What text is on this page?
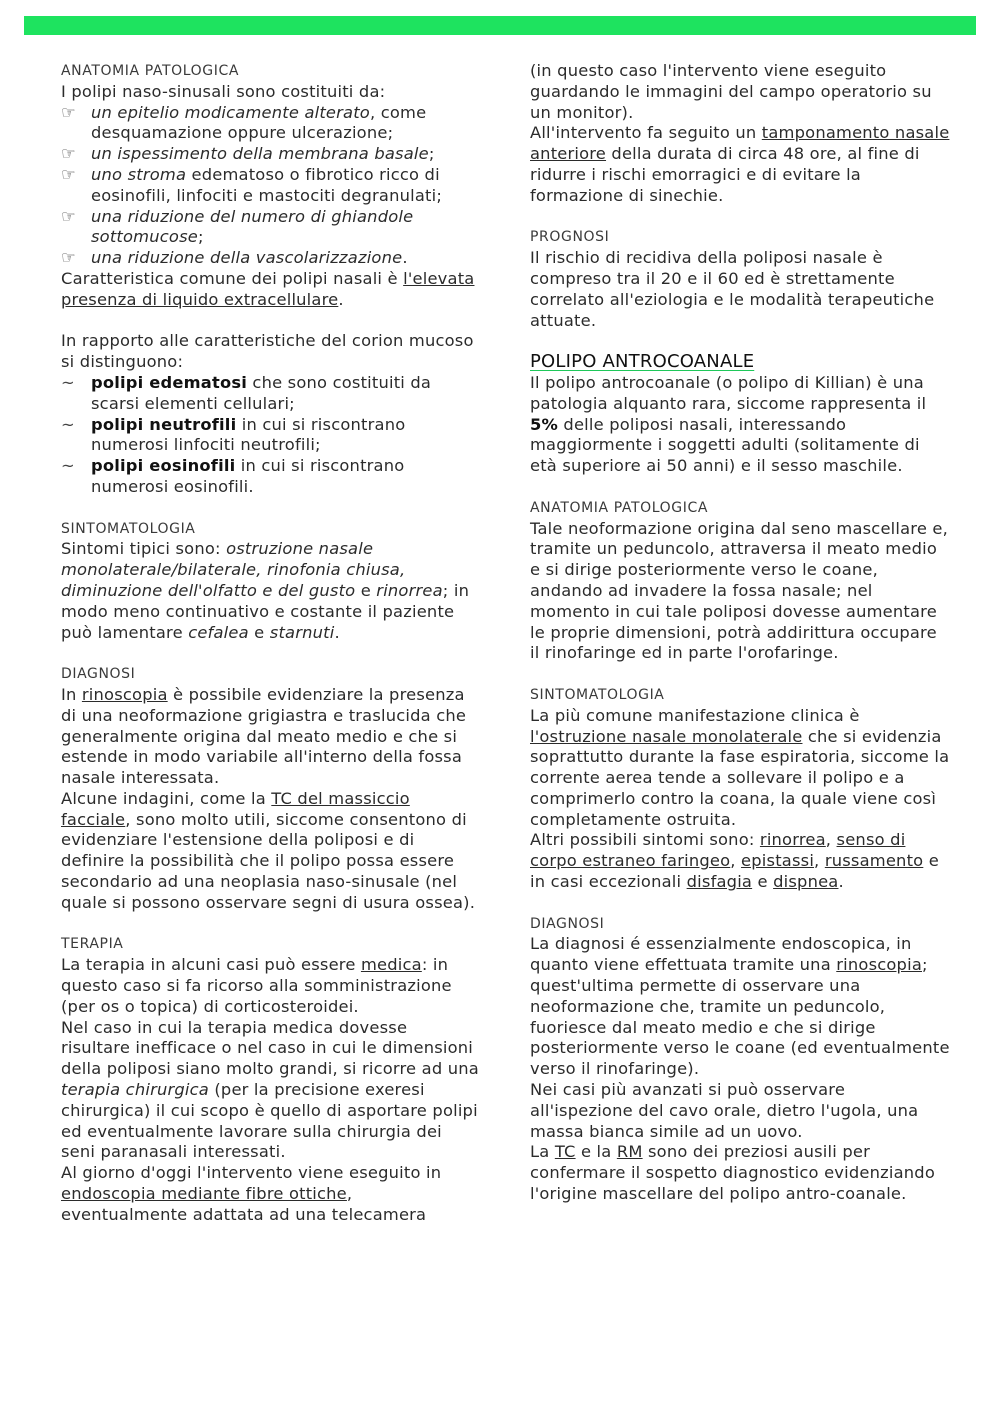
ANATOMIA PATOLOGICA

I polipi naso-sinusali sono costituiti da:

☞ un epitelio modicamente alterato, come desquamazione oppure ulcerazione;

☞ un ispessimento della membrana basale;

☞ uno stroma edematoso o fibrotico ricco di eosinofili, linfociti e mastociti degranulati;

☞ una riduzione del numero di ghiandole sottomucose;

☞ una riduzione della vascolarizzazione.

Caratteristica comune dei polipi nasali è l'elevata presenza di liquido extracellulare.

In rapporto alle caratteristiche del corion mucoso si distinguono:

~ polipi edematosi che sono costituiti da scarsi elementi cellulari;

~ polipi neutrofili in cui si riscontrano numerosi linfociti neutrofili;

~ polipi eosinofili in cui si riscontrano numerosi eosinofili.

SINTOMATOLOGIA

Sintomi tipici sono: ostruzione nasale monolaterale/bilaterale, rinofonia chiusa, diminuzione dell'olfatto e del gusto e rinorrea; in modo meno continuativo e costante il paziente può lamentare cefalea e starnuti.

DIAGNOSI

In rinoscopia è possibile evidenziare la presenza di una neoformazione grigiastra e traslucida che generalmente origina dal meato medio e che si estende in modo variabile all'interno della fossa nasale interessata.

Alcune indagini, come la TC del massiccio facciale, sono molto utili, siccome consentono di evidenziare l'estensione della poliposi e di definire la possibilità che il polipo possa essere secondario ad una neoplasia naso-sinusale (nel quale si possono osservare segni di usura ossea).

TERAPIA

La terapia in alcuni casi può essere medica: in questo caso si fa ricorso alla somministrazione (per os o topica) di corticosteroidei.

Nel caso in cui la terapia medica dovesse risultare inefficace o nel caso in cui le dimensioni della poliposi siano molto grandi, si ricorre ad una terapia chirurgica (per la precisione exeresi chirurgica) il cui scopo è quello di asportare polipi ed eventualmente lavorare sulla chirurgia dei seni paranasali interessati.

Al giorno d'oggi l'intervento viene eseguito in endoscopia mediante fibre ottiche, eventualmente adattata ad una telecamera

(in questo caso l'intervento viene eseguito guardando le immagini del campo operatorio su un monitor).

All'intervento fa seguito un tamponamento nasale anteriore della durata di circa 48 ore, al fine di ridurre i rischi emorragici e di evitare la formazione di sinechie.

PROGNOSI

Il rischio di recidiva della poliposi nasale è compreso tra il 20 e il 60 ed è strettamente correlato all'eziologia e le modalità terapeutiche attuate.

POLIPO ANTROCOANALE

Il polipo antrocoanale (o polipo di Killian) è una patologia alquanto rara, siccome rappresenta il 5% delle poliposi nasali, interessando maggiormente i soggetti adulti (solitamente di età superiore ai 50 anni) e il sesso maschile.

ANATOMIA PATOLOGICA

Tale neoformazione origina dal seno mascellare e, tramite un peduncolo, attraversa il meato medio e si dirige posteriormente verso le coane, andando ad invadere la fossa nasale; nel momento in cui tale poliposi dovesse aumentare le proprie dimensioni, potrà addirittura occupare il rinofaringe ed in parte l'orofaringe.

SINTOMATOLOGIA

La più comune manifestazione clinica è l'ostruzione nasale monolaterale che si evidenzia soprattutto durante la fase espiratoria, siccome la corrente aerea tende a sollevare il polipo e a comprimerlo contro la coana, la quale viene così completamente ostruita.

Altri possibili sintomi sono: rinorrea, senso di corpo estraneo faringeo, epistassi, russamento e in casi eccezionali disfagia e dispnea.

DIAGNOSI

La diagnosi é essenzialmente endoscopica, in quanto viene effettuata tramite una rinoscopia; quest'ultima permette di osservare una neoformazione che, tramite un peduncolo, fuoriesce dal meato medio e che si dirige posteriormente verso le coane (ed eventualmente verso il rinofaringe).

Nei casi più avanzati si può osservare all'ispezione del cavo orale, dietro l'ugola, una massa bianca simile ad un uovo.

La TC e la RM sono dei preziosi ausili per confermare il sospetto diagnostico evidenziando l'origine mascellare del polipo antro-coanale.
